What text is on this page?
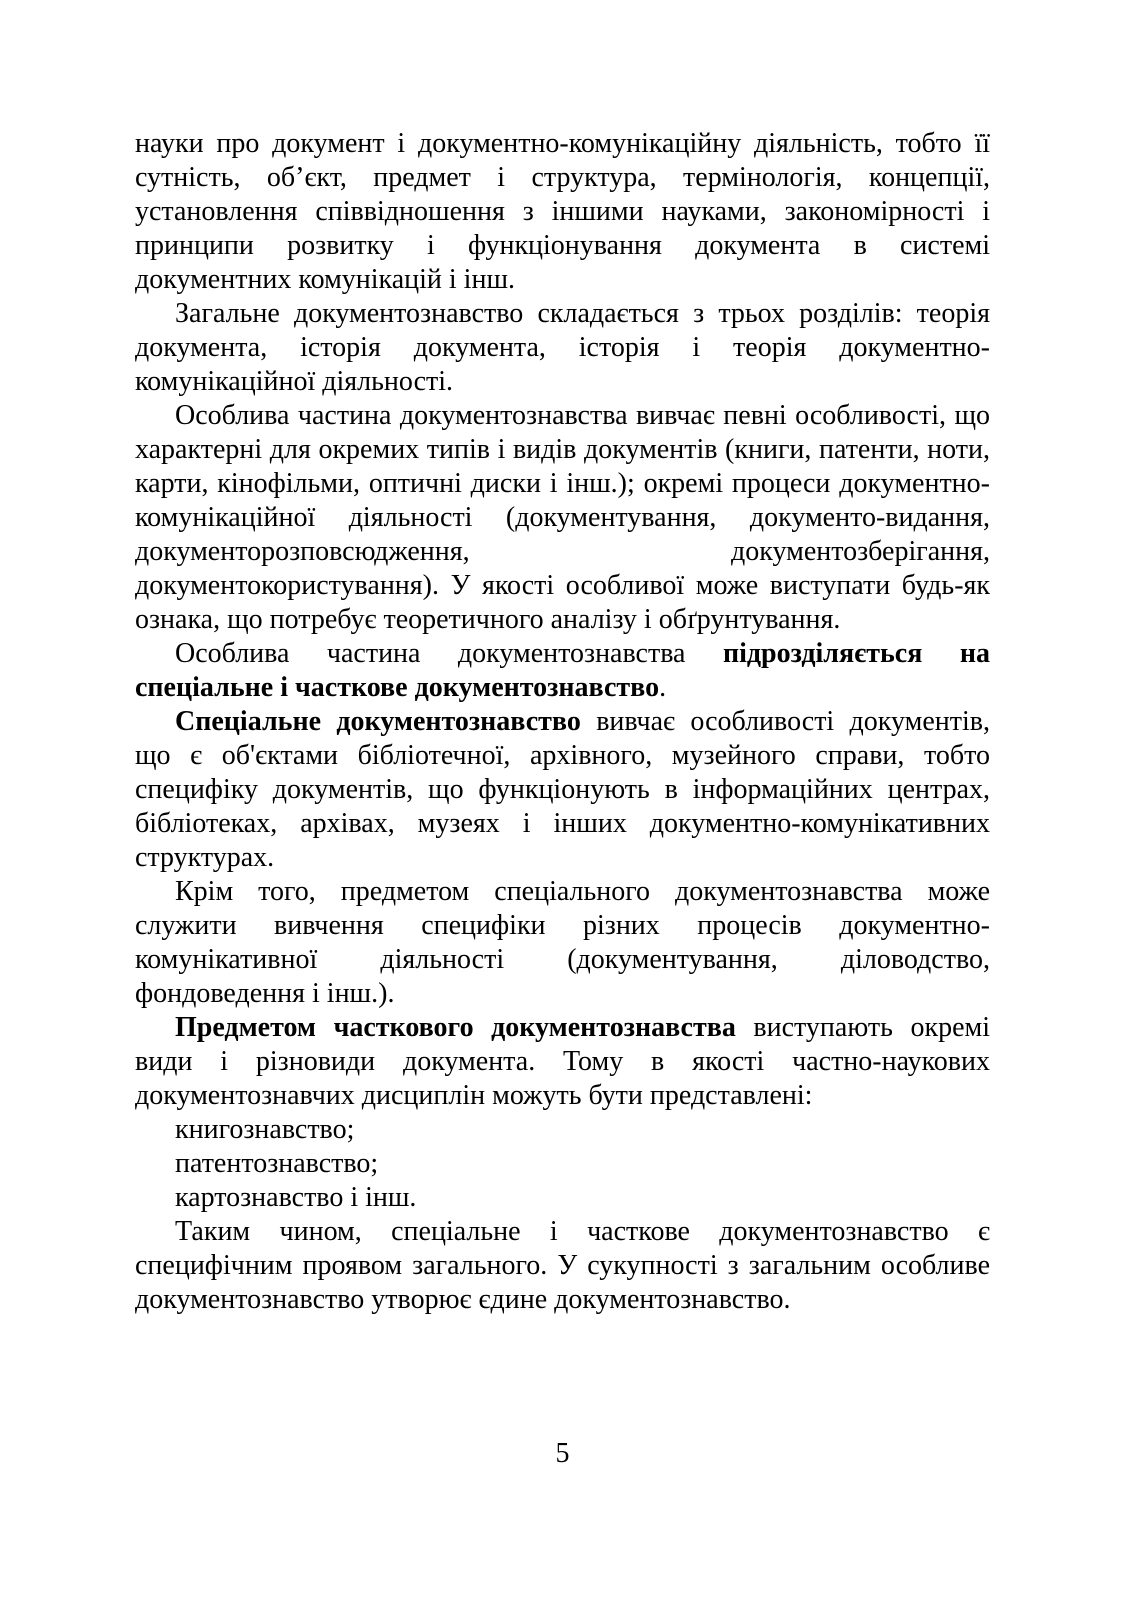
науки про документ і документно-комунікаційну діяльність, тобто її сутність, об’єкт, предмет і структура, термінологія, концепції, установлення співвідношення з іншими науками, закономірності і принципи розвитку і функціонування документа в системі документних комунікацій і інш.

Загальне документознавство складається з трьох розділів: теорія документа, історія документа, історія і теорія документно-комунікаційної діяльності.

Особлива частина документознавства вивчає певні особливості, що характерні для окремих типів і видів документів (книги, патенти, ноти, карти, кінофільми, оптичні диски і інш.); окремі процеси документно-комунікаційної діяльності (документування, документо-видання, документорозповсюдження, документозберігання, документокористування). У якості особливої може виступати будь-як ознака, що потребує теоретичного аналізу і обґрунтування.

Особлива частина документознавства підрозділяється на спеціальне і часткове документознавство.

Спеціальне документознавство вивчає особливості документів, що є об'єктами бібліотечної, архівного, музейного справи, тобто специфіку документів, що функціонують в інформаційних центрах, бібліотеках, архівах, музеях і інших документно-комунікативних структурах.

Крім того, предметом спеціального документознавства може служити вивчення специфіки різних процесів документно-комунікативної діяльності (документування, діловодство, фондоведення і інш.).

Предметом часткового документознавства виступають окремі види і різновиди документа. Тому в якості частно-наукових документознавчих дисциплін можуть бути представлені:

книгознавство;

патентознавство;

картознавство і інш.

Таким чином, спеціальне і часткове документознавство є специфічним проявом загального. У сукупності з загальним особливе документознавство утворює єдине документознавство.

5
